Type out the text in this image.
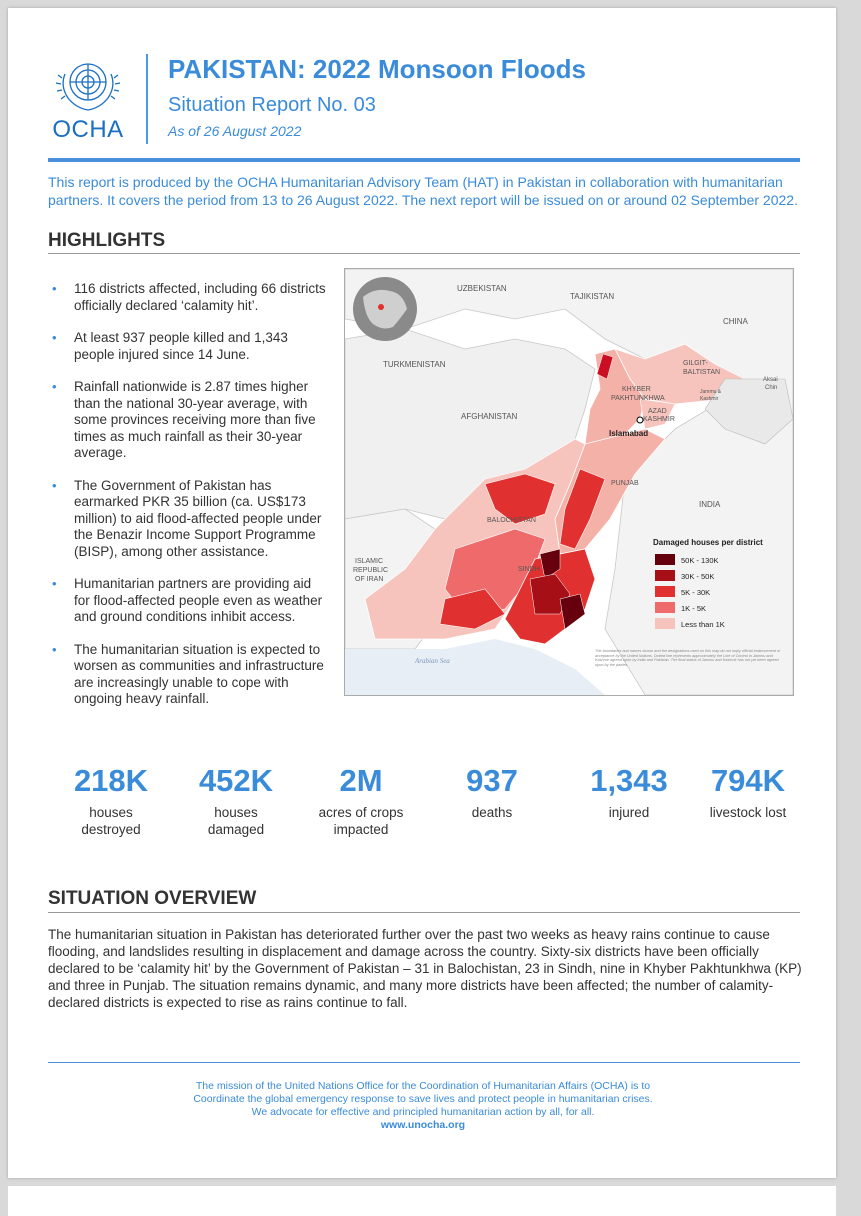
OCHA
PAKISTAN: 2022 Monsoon Floods
Situation Report No. 03
As of 26 August 2022
This report is produced by the OCHA Humanitarian Advisory Team (HAT) in Pakistan in collaboration with humanitarian partners. It covers the period from 13 to 26 August 2022. The next report will be issued on or around 02 September 2022.
HIGHLIGHTS
• 116 districts affected, including 66 districts officially declared ‘calamity hit’.
• At least 937 people killed and 1,343 people injured since 14 June.
• Rainfall nationwide is 2.87 times higher than the national 30-year average, with some provinces receiving more than five times as much rainfall as their 30-year average.
• The Government of Pakistan has earmarked PKR 35 billion (ca. US$173 million) to aid flood-affected people under the Benazir Income Support Programme (BISP), among other assistance.
• Humanitarian partners are providing aid for flood-affected people even as weather and ground conditions inhibit access.
• The humanitarian situation is expected to worsen as communities and infrastructure are increasingly unable to cope with ongoing heavy rainfall.
UZBEKISTAN
TAJIKISTAN
CHINA
TURKMENISTAN	GILGIT-
BALTISTAN
KHYBER
PAKHTUNKHWA
AZAD
KASHMIR
Jammu &
Kashmir
Aksai
Chin
AFGHANISTAN
Islamabad
PUNJAB
INDIA
BALOCHISTAN
ISLAMIC
REPUBLIC
OF IRAN
SINDH
Arabian Sea
Damaged houses per district
50K - 130K
30K - 50K
5K - 30K
1K - 5K
Less than 1K
The boundaries and names shown and the designations used on this map do not imply official endorsement or acceptance by the United Nations. Dotted line represents approximately the Line of Control in Jammu and Kashmir agreed upon by India and Pakistan. The final status of Jammu and Kashmir has not yet been agreed upon by the parties.
218K
houses
destroyed
452K
houses
damaged
2M
acres of crops
impacted
937
deaths
1,343
injured
794K
livestock lost
SITUATION OVERVIEW
The humanitarian situation in Pakistan has deteriorated further over the past two weeks as heavy rains continue to cause flooding, and landslides resulting in displacement and damage across the country. Sixty-six districts have been officially declared to be ‘calamity hit’ by the Government of Pakistan – 31 in Balochistan, 23 in Sindh, nine in Khyber Pakhtunkhwa (KP) and three in Punjab. The situation remains dynamic, and many more districts have been affected; the number of calamity-declared districts is expected to rise as rains continue to fall.
The mission of the United Nations Office for the Coordination of Humanitarian Affairs (OCHA) is to
Coordinate the global emergency response to save lives and protect people in humanitarian crises.
We advocate for effective and principled humanitarian action by all, for all.
www.unocha.org
